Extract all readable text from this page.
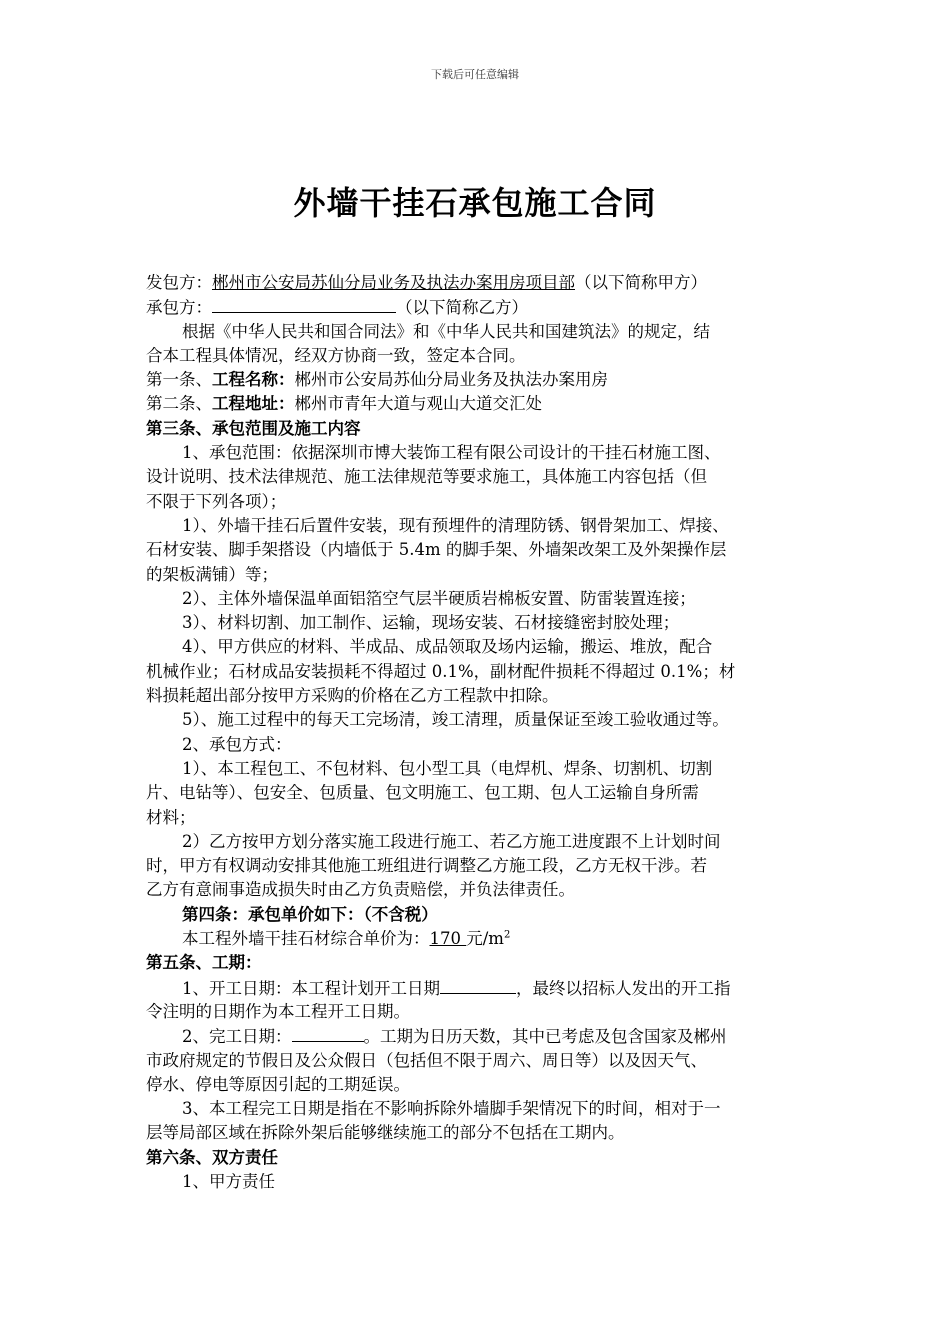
下载后可任意编辑
外墙干挂石承包施工合同
发包方：郴州市公安局苏仙分局业务及执法办案用房项目部（以下简称甲方）
承包方：	（以下简称乙方）
根据《中华人民共和国合同法》和《中华人民共和国建筑法》的规定，结
合本工程具体情况，经双方协商一致，签定本合同。
第一条、工程名称：郴州市公安局苏仙分局业务及执法办案用房
第二条、工程地址：郴州市青年大道与观山大道交汇处
第三条、承包范围及施工内容
1、承包范围：依据深圳市博大装饰工程有限公司设计的干挂石材施工图、
设计说明、技术法律规范、施工法律规范等要求施工，具体施工内容包括（但
不限于下列各项）；
1）、外墙干挂石后置件安装，现有预埋件的清理防锈、钢骨架加工、焊接、
石材安装、脚手架搭设（内墙低于 5.4m 的脚手架、外墙架改架工及外架操作层
的架板满铺）等；
2）、主体外墙保温单面铝箔空气层半硬质岩棉板安置、防雷装置连接；
3）、材料切割、加工制作、运输，现场安装、石材接缝密封胶处理；
4）、甲方供应的材料、半成品、成品领取及场内运输，搬运、堆放，配合
机械作业；石材成品安装损耗不得超过 0.1%，副材配件损耗不得超过 0.1%；材
料损耗超出部分按甲方采购的价格在乙方工程款中扣除。
5）、施工过程中的每天工完场清，竣工清理，质量保证至竣工验收通过等。
2、承包方式：
1）、本工程包工、不包材料、包小型工具（电焊机、焊条、切割机、切割
片、电钻等）、包安全、包质量、包文明施工、包工期、包人工运输自身所需
材料；
2）乙方按甲方划分落实施工段进行施工、若乙方施工进度跟不上计划时间
时，甲方有权调动安排其他施工班组进行调整乙方施工段，乙方无权干涉。若
乙方有意闹事造成损失时由乙方负责赔偿，并负法律责任。
第四条：承包单价如下：（不含税）
本工程外墙干挂石材综合单价为：170 元$/m^2$
第五条、工期：
1、开工日期：本工程计划开工日期	，最终以招标人发出的开工指
令注明的日期作为本工程开工日期。
2、完工日期：	。工期为日历天数，其中已考虑及包含国家及郴州
市政府规定的节假日及公众假日（包括但不限于周六、周日等）以及因天气、
停水、停电等原因引起的工期延误。
3、本工程完工日期是指在不影响拆除外墙脚手架情况下的时间，相对于一
层等局部区域在拆除外架后能够继续施工的部分不包括在工期内。
第六条、双方责任
1、甲方责任
